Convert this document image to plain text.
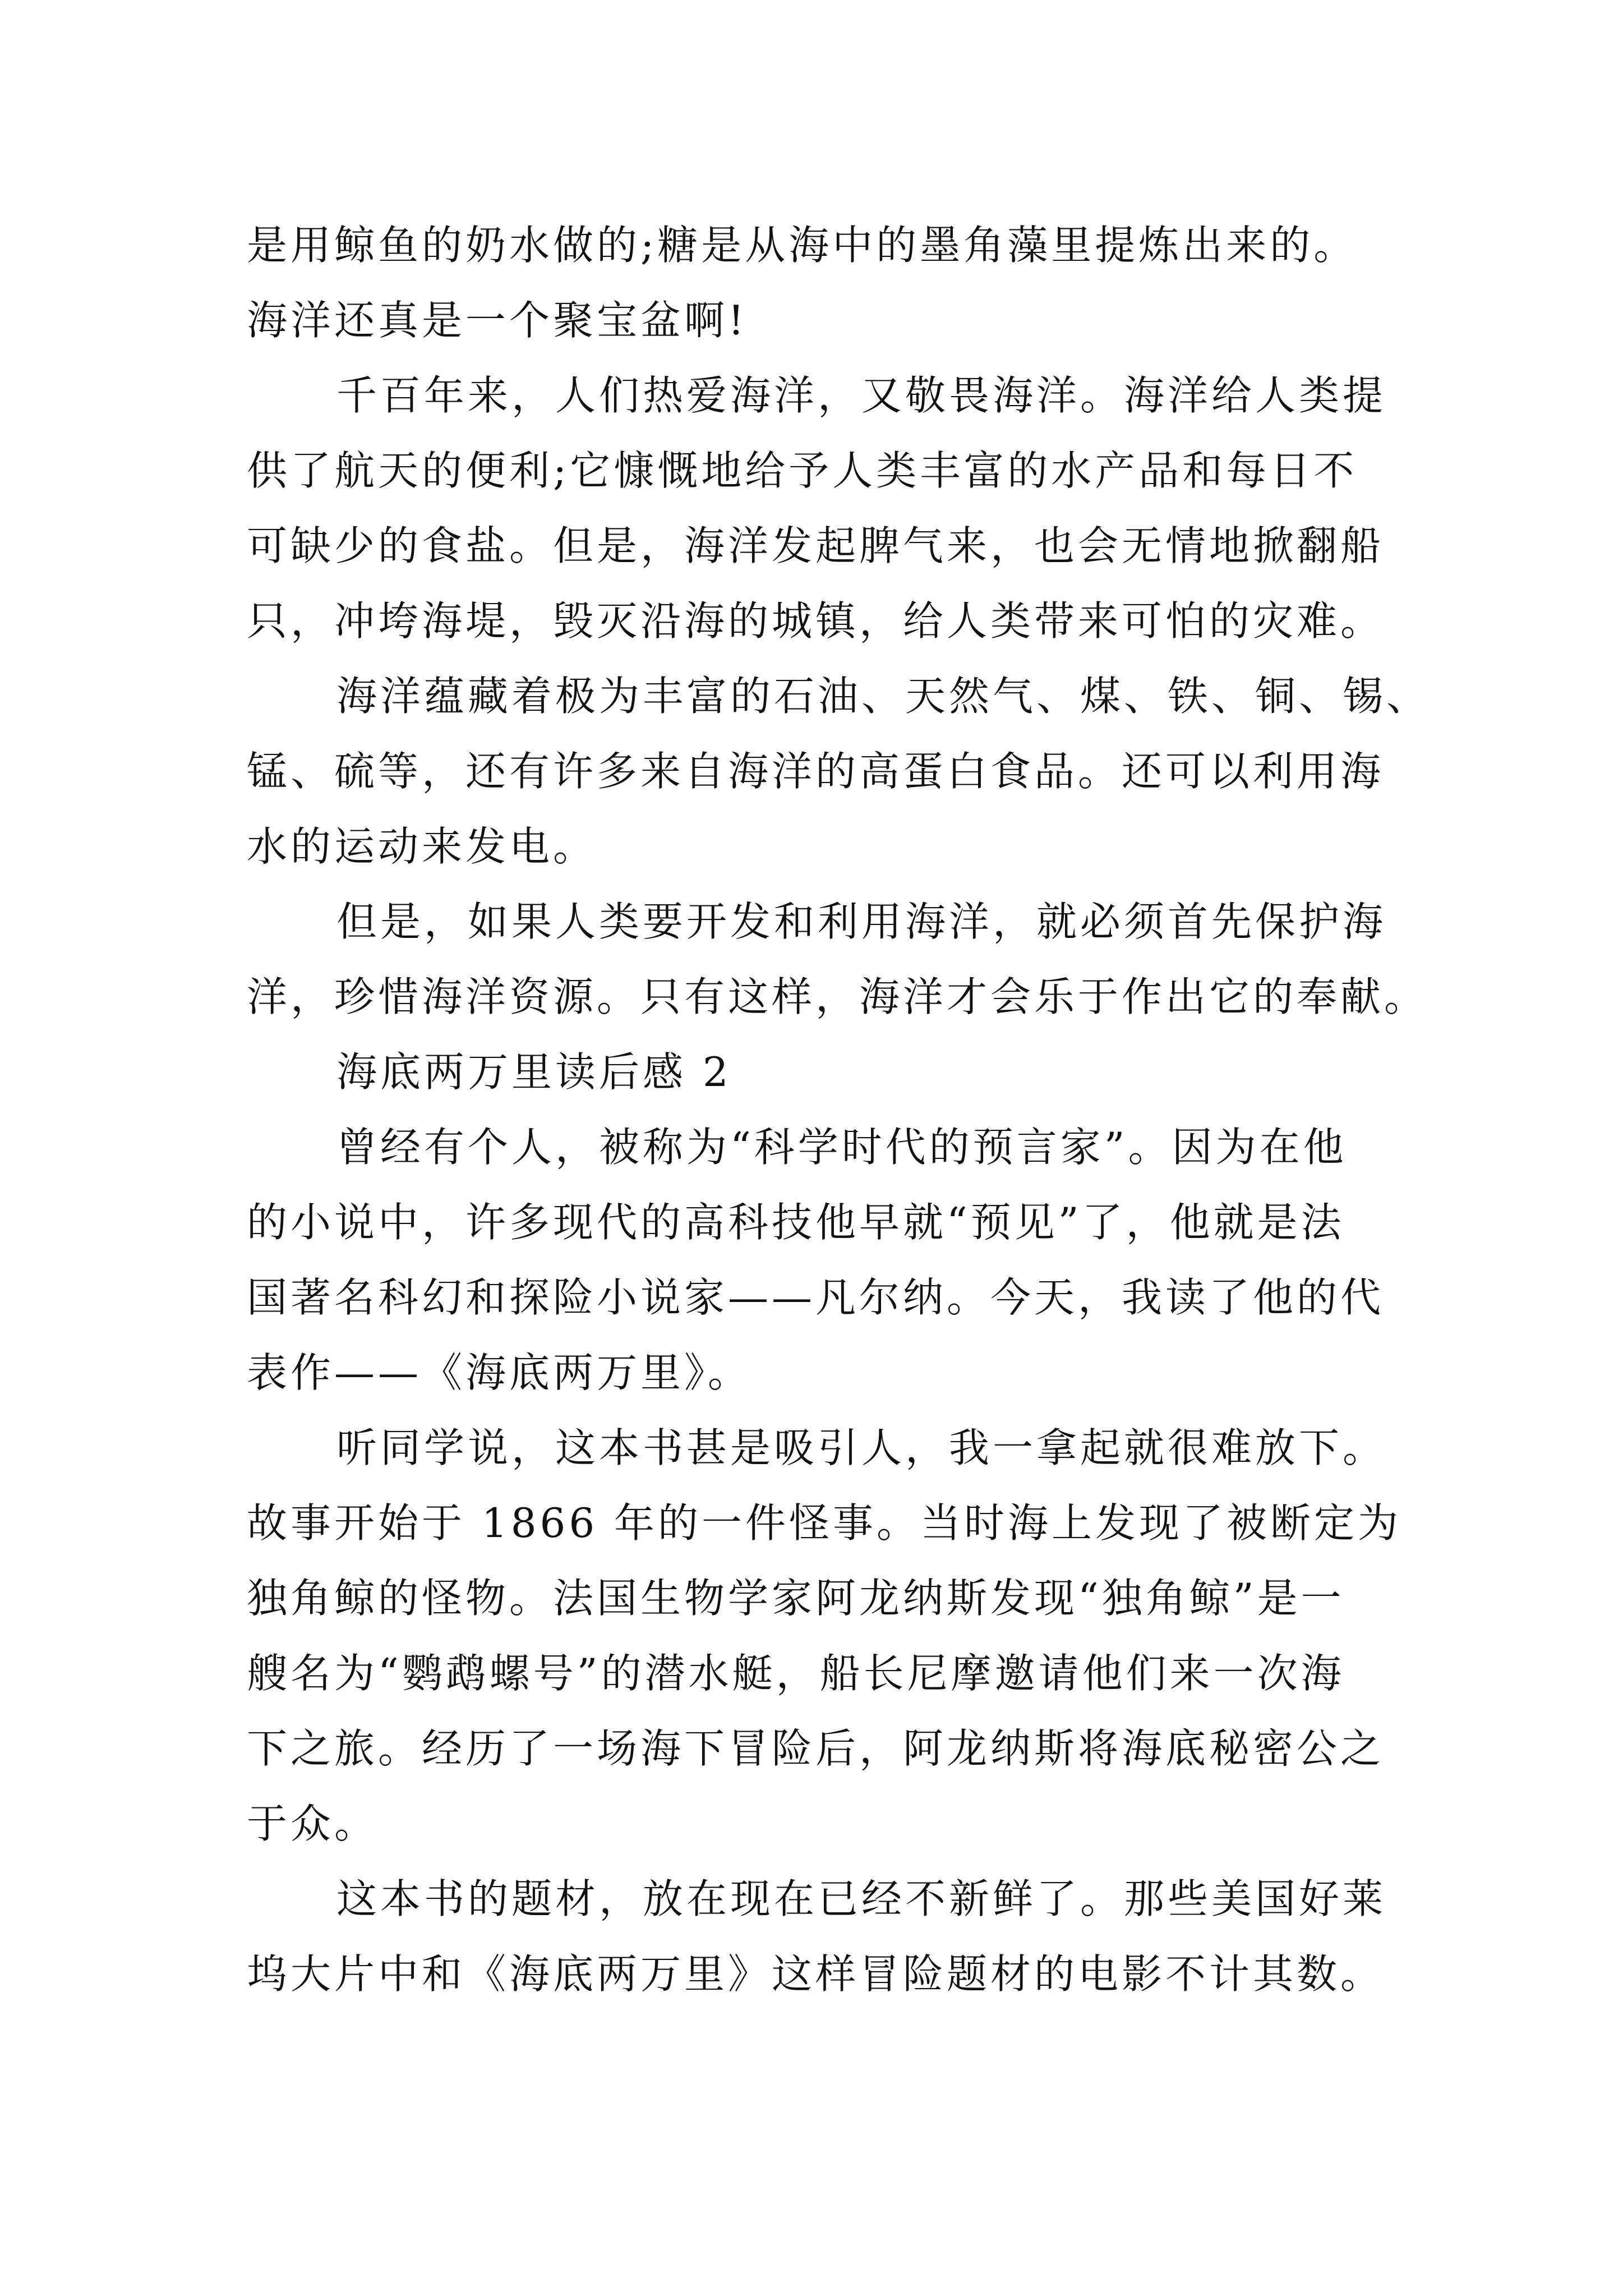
是用鲸鱼的奶水做的;糖是从海中的墨角藻里提炼出来的。
海洋还真是一个聚宝盆啊!
千百年来，人们热爱海洋，又敬畏海洋。海洋给人类提
供了航天的便利;它慷慨地给予人类丰富的水产品和每日不
可缺少的食盐。但是，海洋发起脾气来，也会无情地掀翻船
只，冲垮海堤，毁灭沿海的城镇，给人类带来可怕的灾难。
海洋蕴藏着极为丰富的石油、天然气、煤、铁、铜、锡、
锰、硫等，还有许多来自海洋的高蛋白食品。还可以利用海
水的运动来发电。
但是，如果人类要开发和利用海洋，就必须首先保护海
洋，珍惜海洋资源。只有这样，海洋才会乐于作出它的奉献。
海底两万里读后感 2
曾经有个人，被称为“科学时代的预言家”。因为在他
的小说中，许多现代的高科技他早就“预见”了，他就是法
国著名科幻和探险小说家——凡尔纳。今天，我读了他的代
表作——《海底两万里》。
听同学说，这本书甚是吸引人，我一拿起就很难放下。
故事开始于 1866 年的一件怪事。当时海上发现了被断定为
独角鲸的怪物。法国生物学家阿龙纳斯发现“独角鲸”是一
艘名为“鹦鹉螺号”的潜水艇，船长尼摩邀请他们来一次海
下之旅。经历了一场海下冒险后，阿龙纳斯将海底秘密公之
于众。
这本书的题材，放在现在已经不新鲜了。那些美国好莱
坞大片中和《海底两万里》这样冒险题材的电影不计其数。
